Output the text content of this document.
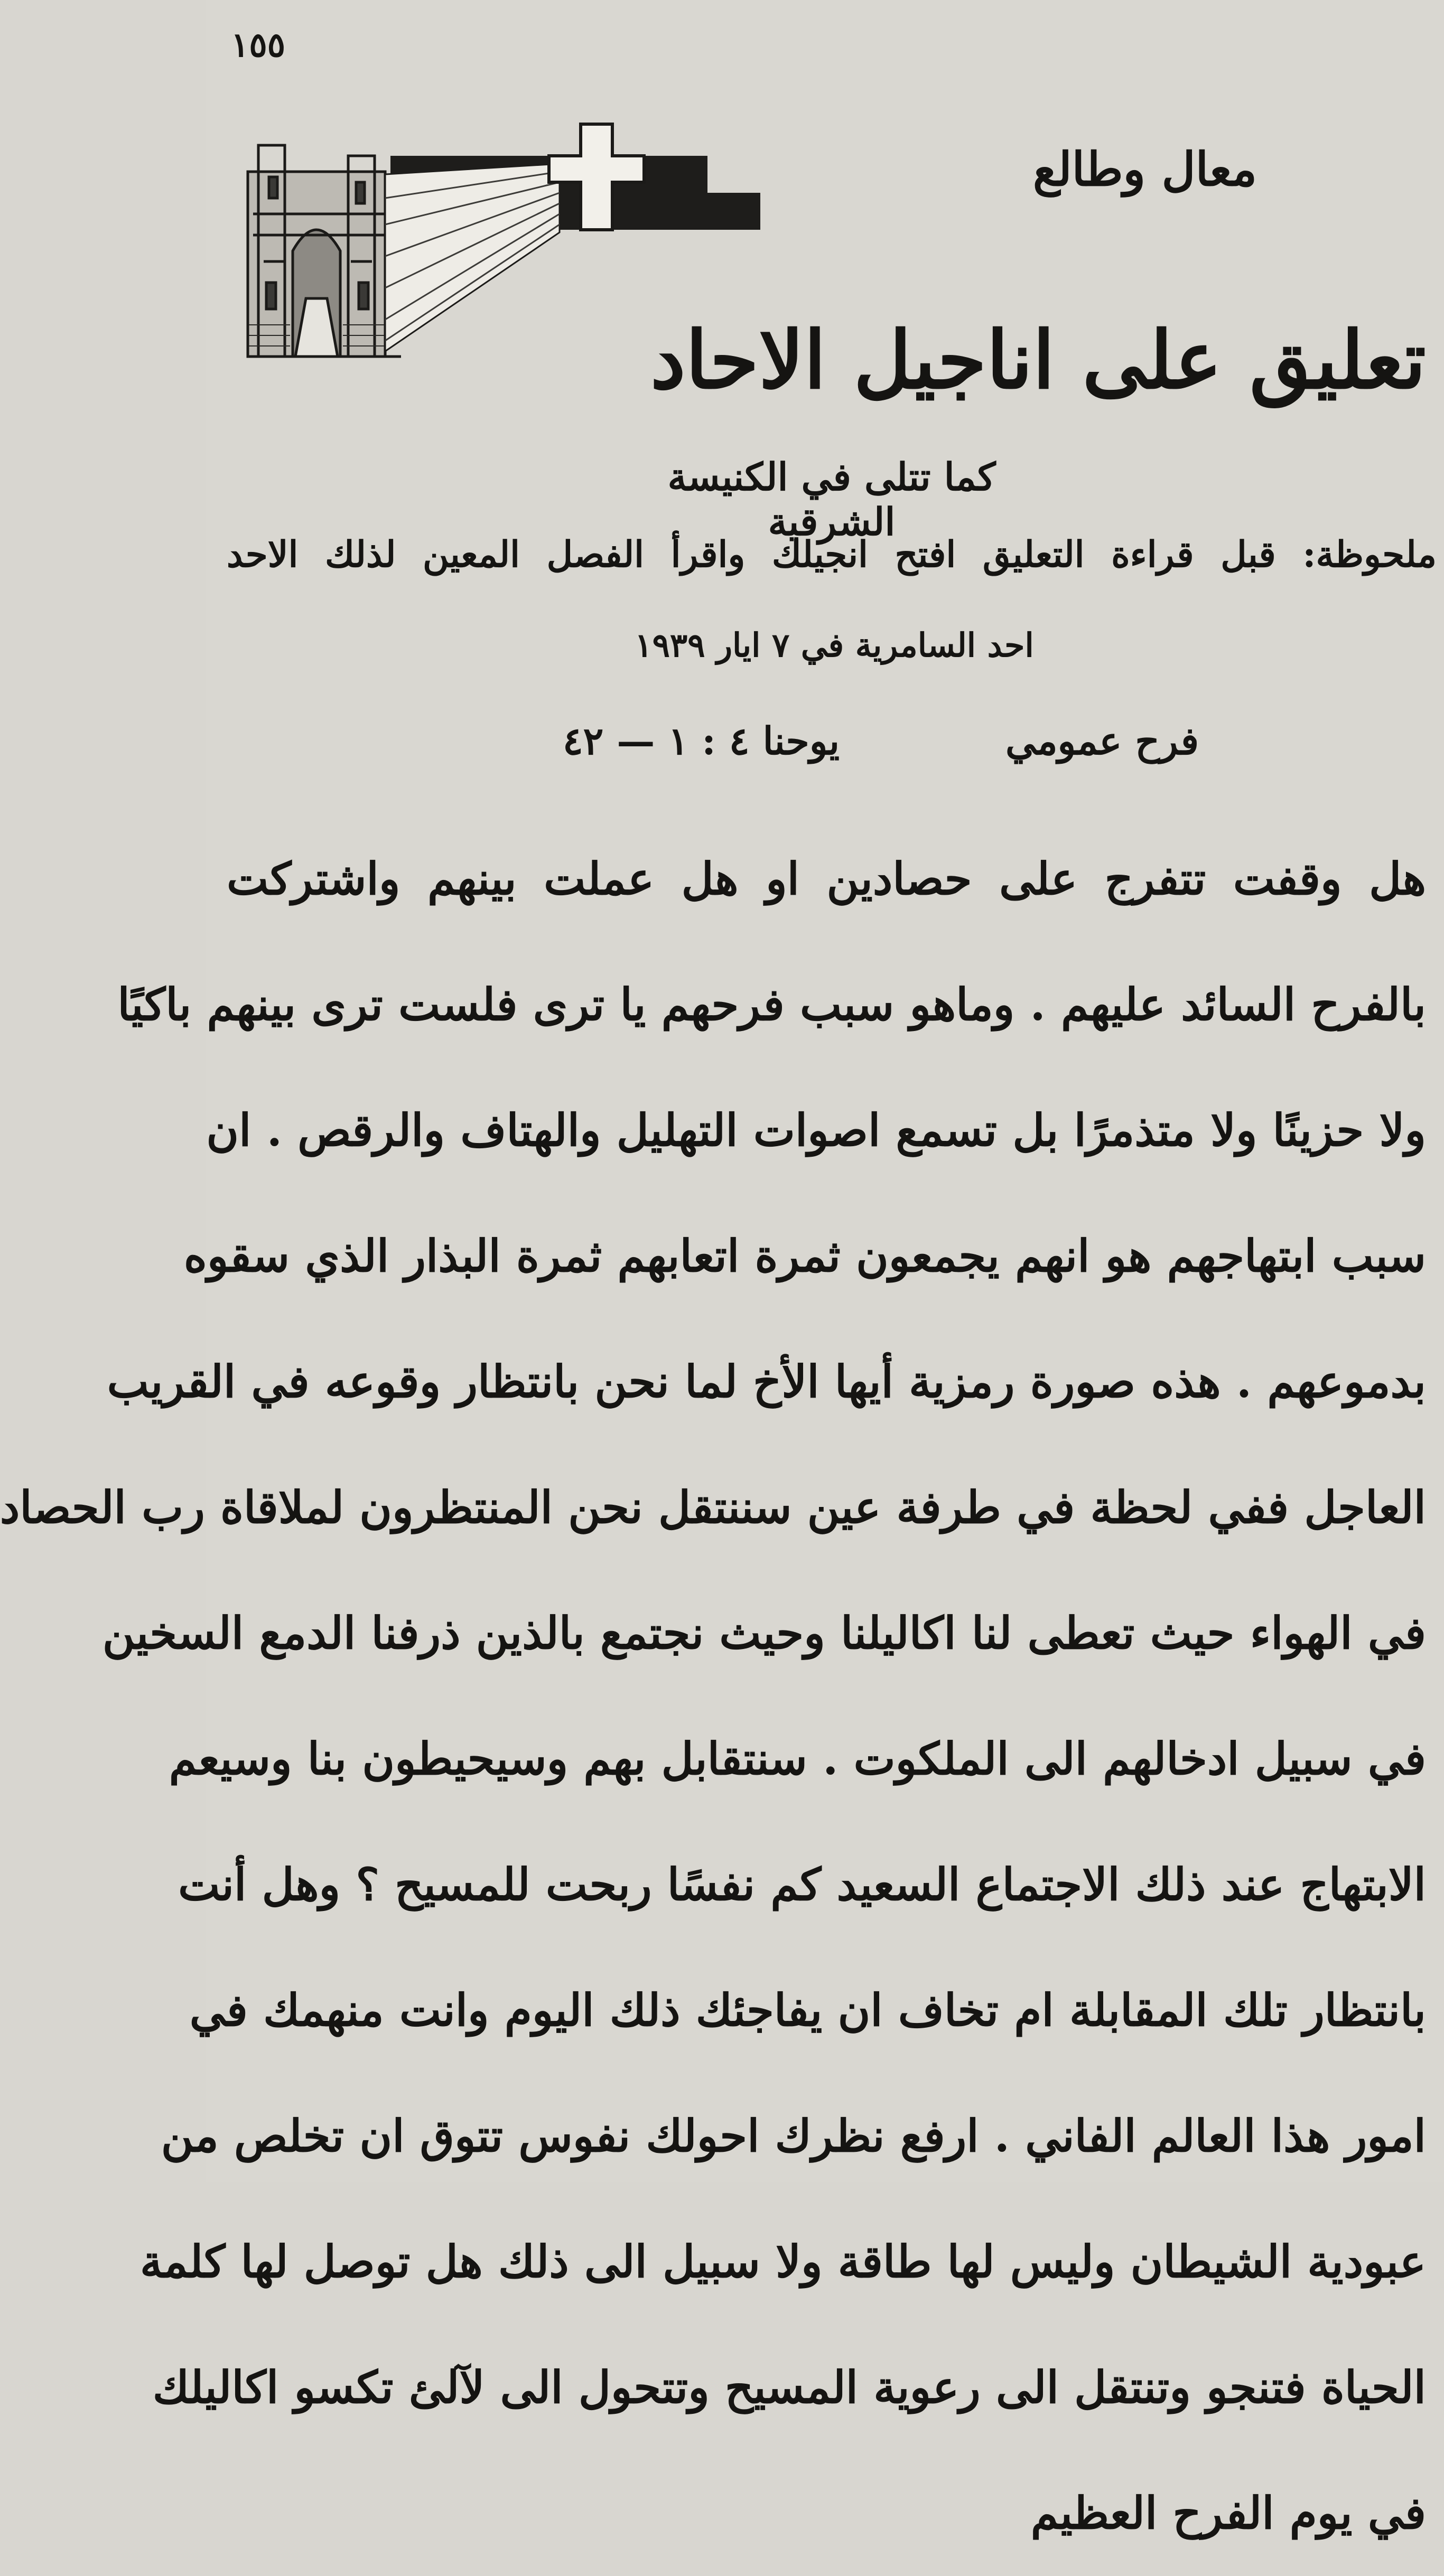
١٥٥
معال وطالع
تعليق على اناجيل الاحاد
كما تتلى في الكنيسة الشرقية
ملحوظة: قبل قراءة التعليق افتح انجيلك واقرأ الفصل المعين لذلك الاحد
احد السامرية في ٧ ايار ١٩٣٩
فرح عمومي
يوحنا ٤ : ١ — ٤٢
هل وقفت تتفرج على حصادين او هل عملت بينهم واشتركت
بالفرح السائد عليهم . وماهو سبب فرحهم يا ترى فلست ترى بينهم باكيًا
ولا حزينًا ولا متذمرًا بل تسمع اصوات التهليل والهتاف والرقص . ان
سبب ابتهاجهم هو انهم يجمعون ثمرة اتعابهم ثمرة البذار الذي سقوه
بدموعهم . هذه صورة رمزية أيها الأخ لما نحن بانتظار وقوعه في القريب
العاجل ففي لحظة في طرفة عين سننتقل نحن المنتظرون لملاقاة رب الحصاد
في الهواء حيث تعطى لنا اكاليلنا وحيث نجتمع بالذين ذرفنا الدمع السخين
في سبيل ادخالهم الى الملكوت . سنتقابل بهم وسيحيطون بنا وسيعم
الابتهاج عند ذلك الاجتماع السعيد كم نفسًا ربحت للمسيح ؟ وهل أنت
بانتظار تلك المقابلة ام تخاف ان يفاجئك ذلك اليوم وانت منهمك في
امور هذا العالم الفاني . ارفع نظرك احولك نفوس تتوق ان تخلص من
عبودية الشيطان وليس لها طاقة ولا سبيل الى ذلك هل توصل لها كلمة
الحياة فتنجو وتنتقل الى رعوية المسيح وتتحول الى لآلئ تكسو اكاليلك
في يوم الفرح العظيم
